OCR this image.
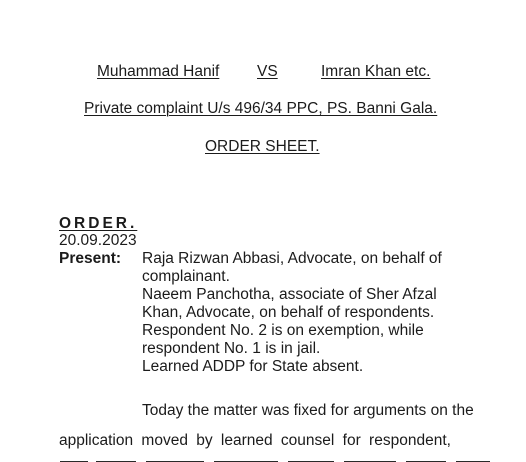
Muhammad Hanif	VS	Imran Khan etc.
Private complaint U/s 496/34 PPC, PS. Banni Gala.
ORDER SHEET.
ORDER.
20.09.2023
Present: Raja Rizwan Abbasi, Advocate, on behalf of
complainant.
Naeem Panchotha, associate of Sher Afzal
Khan, Advocate, on behalf of respondents.
Respondent No. 2 is on exemption, while
respondent No. 1 is in jail.
Learned ADDP for State absent.
Today the matter was fixed for arguments on the
application moved by learned counsel for respondent,
